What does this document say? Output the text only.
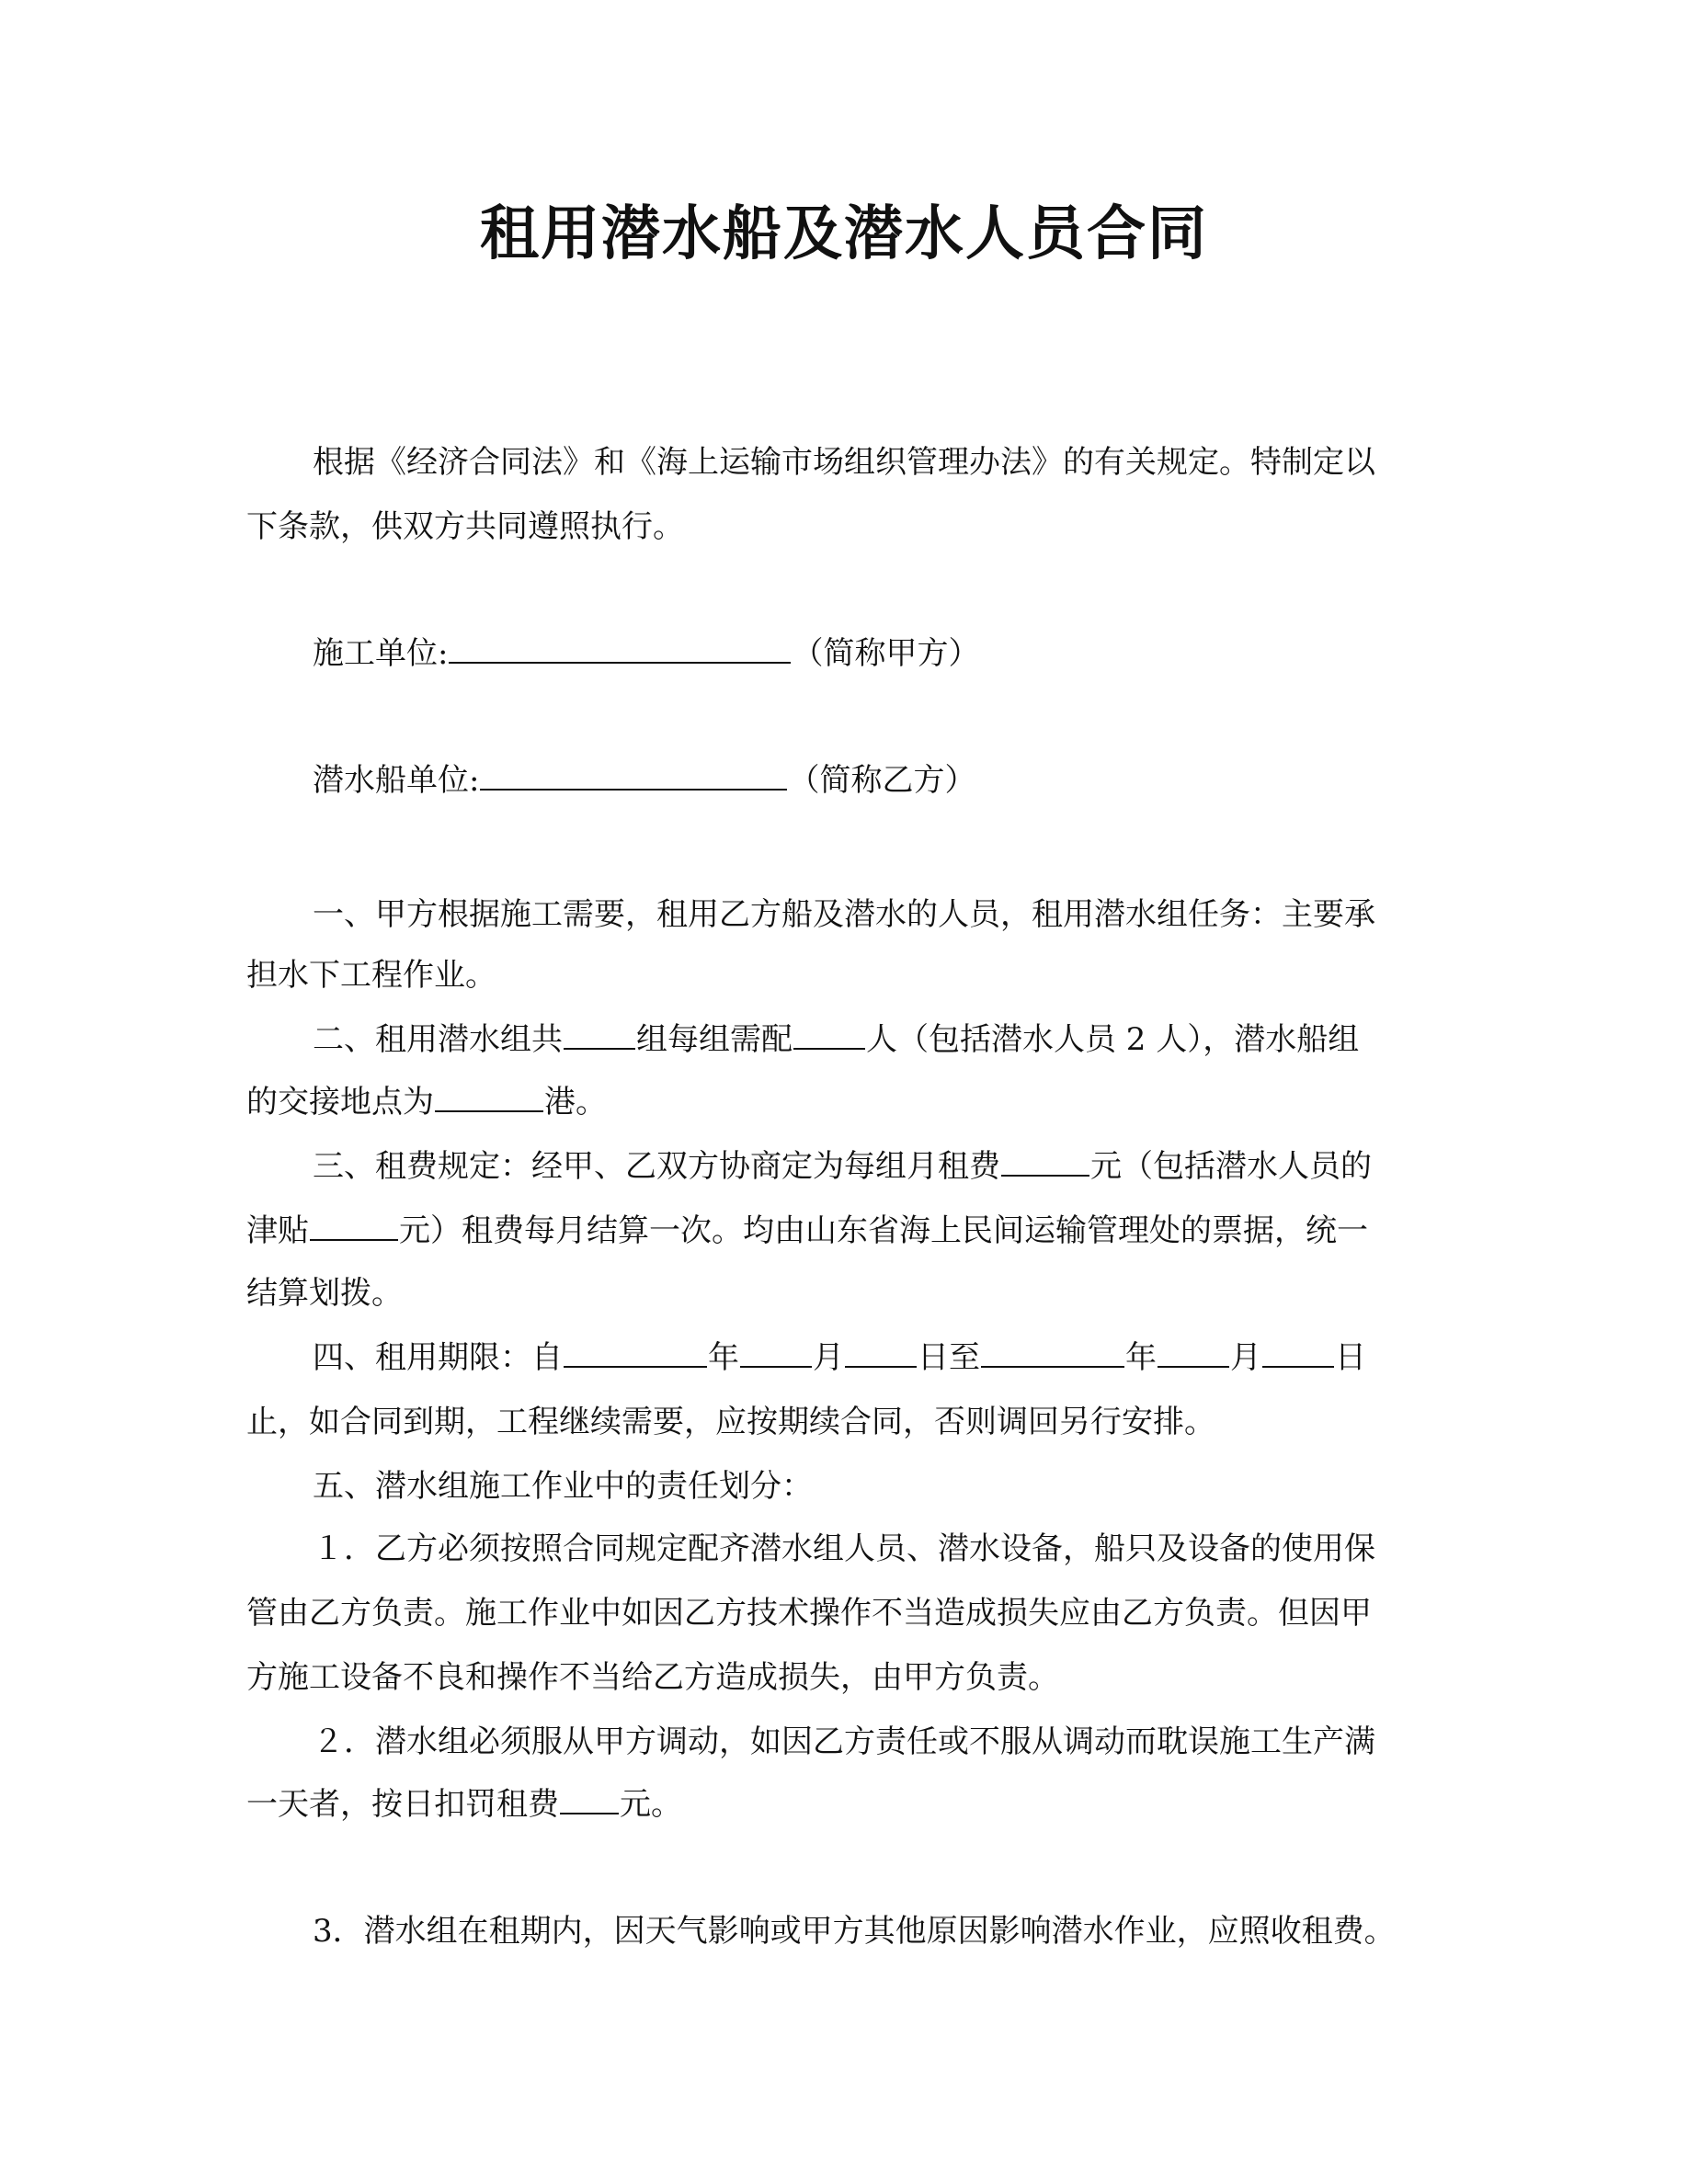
租用潜水船及潜水人员合同
根据《经济合同法》和《海上运输市场组织管理办法》的有关规定。特制定以
下条款，供双方共同遵照执行。
施工单位:	（简称甲方）
潜水船单位:	（简称乙方）
一、甲方根据施工需要，租用乙方船及潜水的人员，租用潜水组任务：主要承
担水下工程作业。
二、租用潜水组共 组每组需配 人（包括潜水人员 2 人），潜水船组
的交接地点为	港。
三、租费规定：经甲、乙双方协商定为每组月租费	元（包括潜水人员的
津贴	元）租费每月结算一次。均由山东省海上民间运输管理处的票据，统一
结算划拨。
四、租用期限：自	年 月 日至	年 月 日
止，如合同到期，工程继续需要，应按期续合同，否则调回另行安排。
五、潜水组施工作业中的责任划分：
１．乙方必须按照合同规定配齐潜水组人员、潜水设备，船只及设备的使用保
管由乙方负责。施工作业中如因乙方技术操作不当造成损失应由乙方负责。但因甲
方施工设备不良和操作不当给乙方造成损失，由甲方负责。
２．潜水组必须服从甲方调动，如因乙方责任或不服从调动而耽误施工生产满
一天者，按日扣罚租费 元。
3．潜水组在租期内，因天气影响或甲方其他原因影响潜水作业，应照收租费。
